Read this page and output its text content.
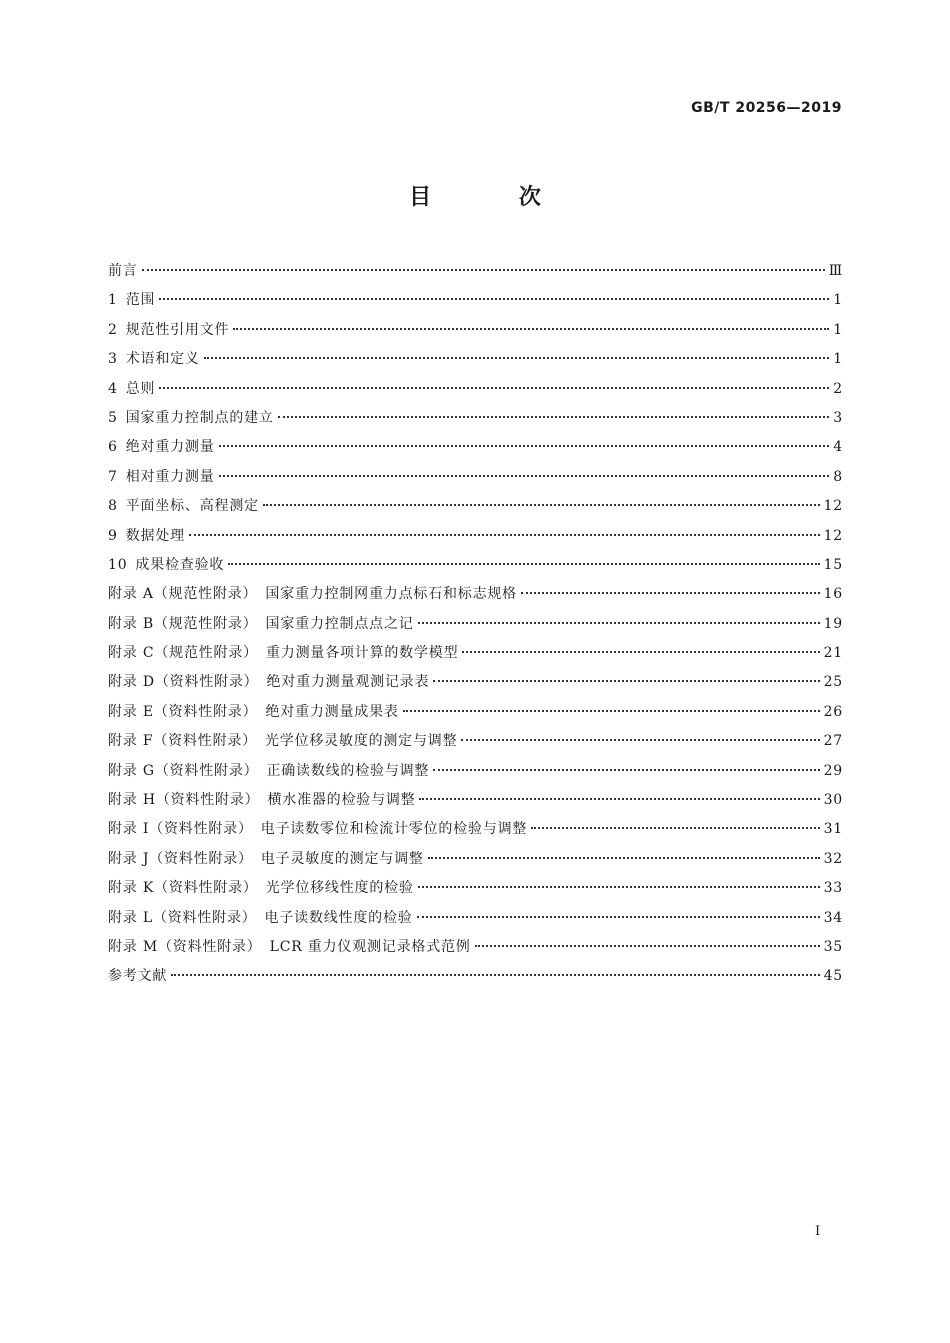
GB/T 20256—2019
目 次
前言	Ⅲ
1 范围	1
2 规范性引用文件	1
3 术语和定义	1
4 总则	2
5 国家重力控制点的建立	3
6 绝对重力测量	4
7 相对重力测量	8
8 平面坐标、高程测定	12
9 数据处理	12
10 成果检查验收	15
附录 A（规范性附录） 国家重力控制网重力点标石和标志规格	16
附录 B（规范性附录） 国家重力控制点点之记	19
附录 C（规范性附录） 重力测量各项计算的数学模型	21
附录 D（资料性附录） 绝对重力测量观测记录表	25
附录 E（资料性附录） 绝对重力测量成果表	26
附录 F（资料性附录） 光学位移灵敏度的测定与调整	27
附录 G（资料性附录） 正确读数线的检验与调整	29
附录 H（资料性附录） 横水准器的检验与调整	30
附录 I（资料性附录） 电子读数零位和检流计零位的检验与调整	31
附录 J（资料性附录） 电子灵敏度的测定与调整	32
附录 K（资料性附录） 光学位移线性度的检验	33
附录 L（资料性附录） 电子读数线性度的检验	34
附录 M（资料性附录） LCR 重力仪观测记录格式范例	35
参考文献	45
Ⅰ
